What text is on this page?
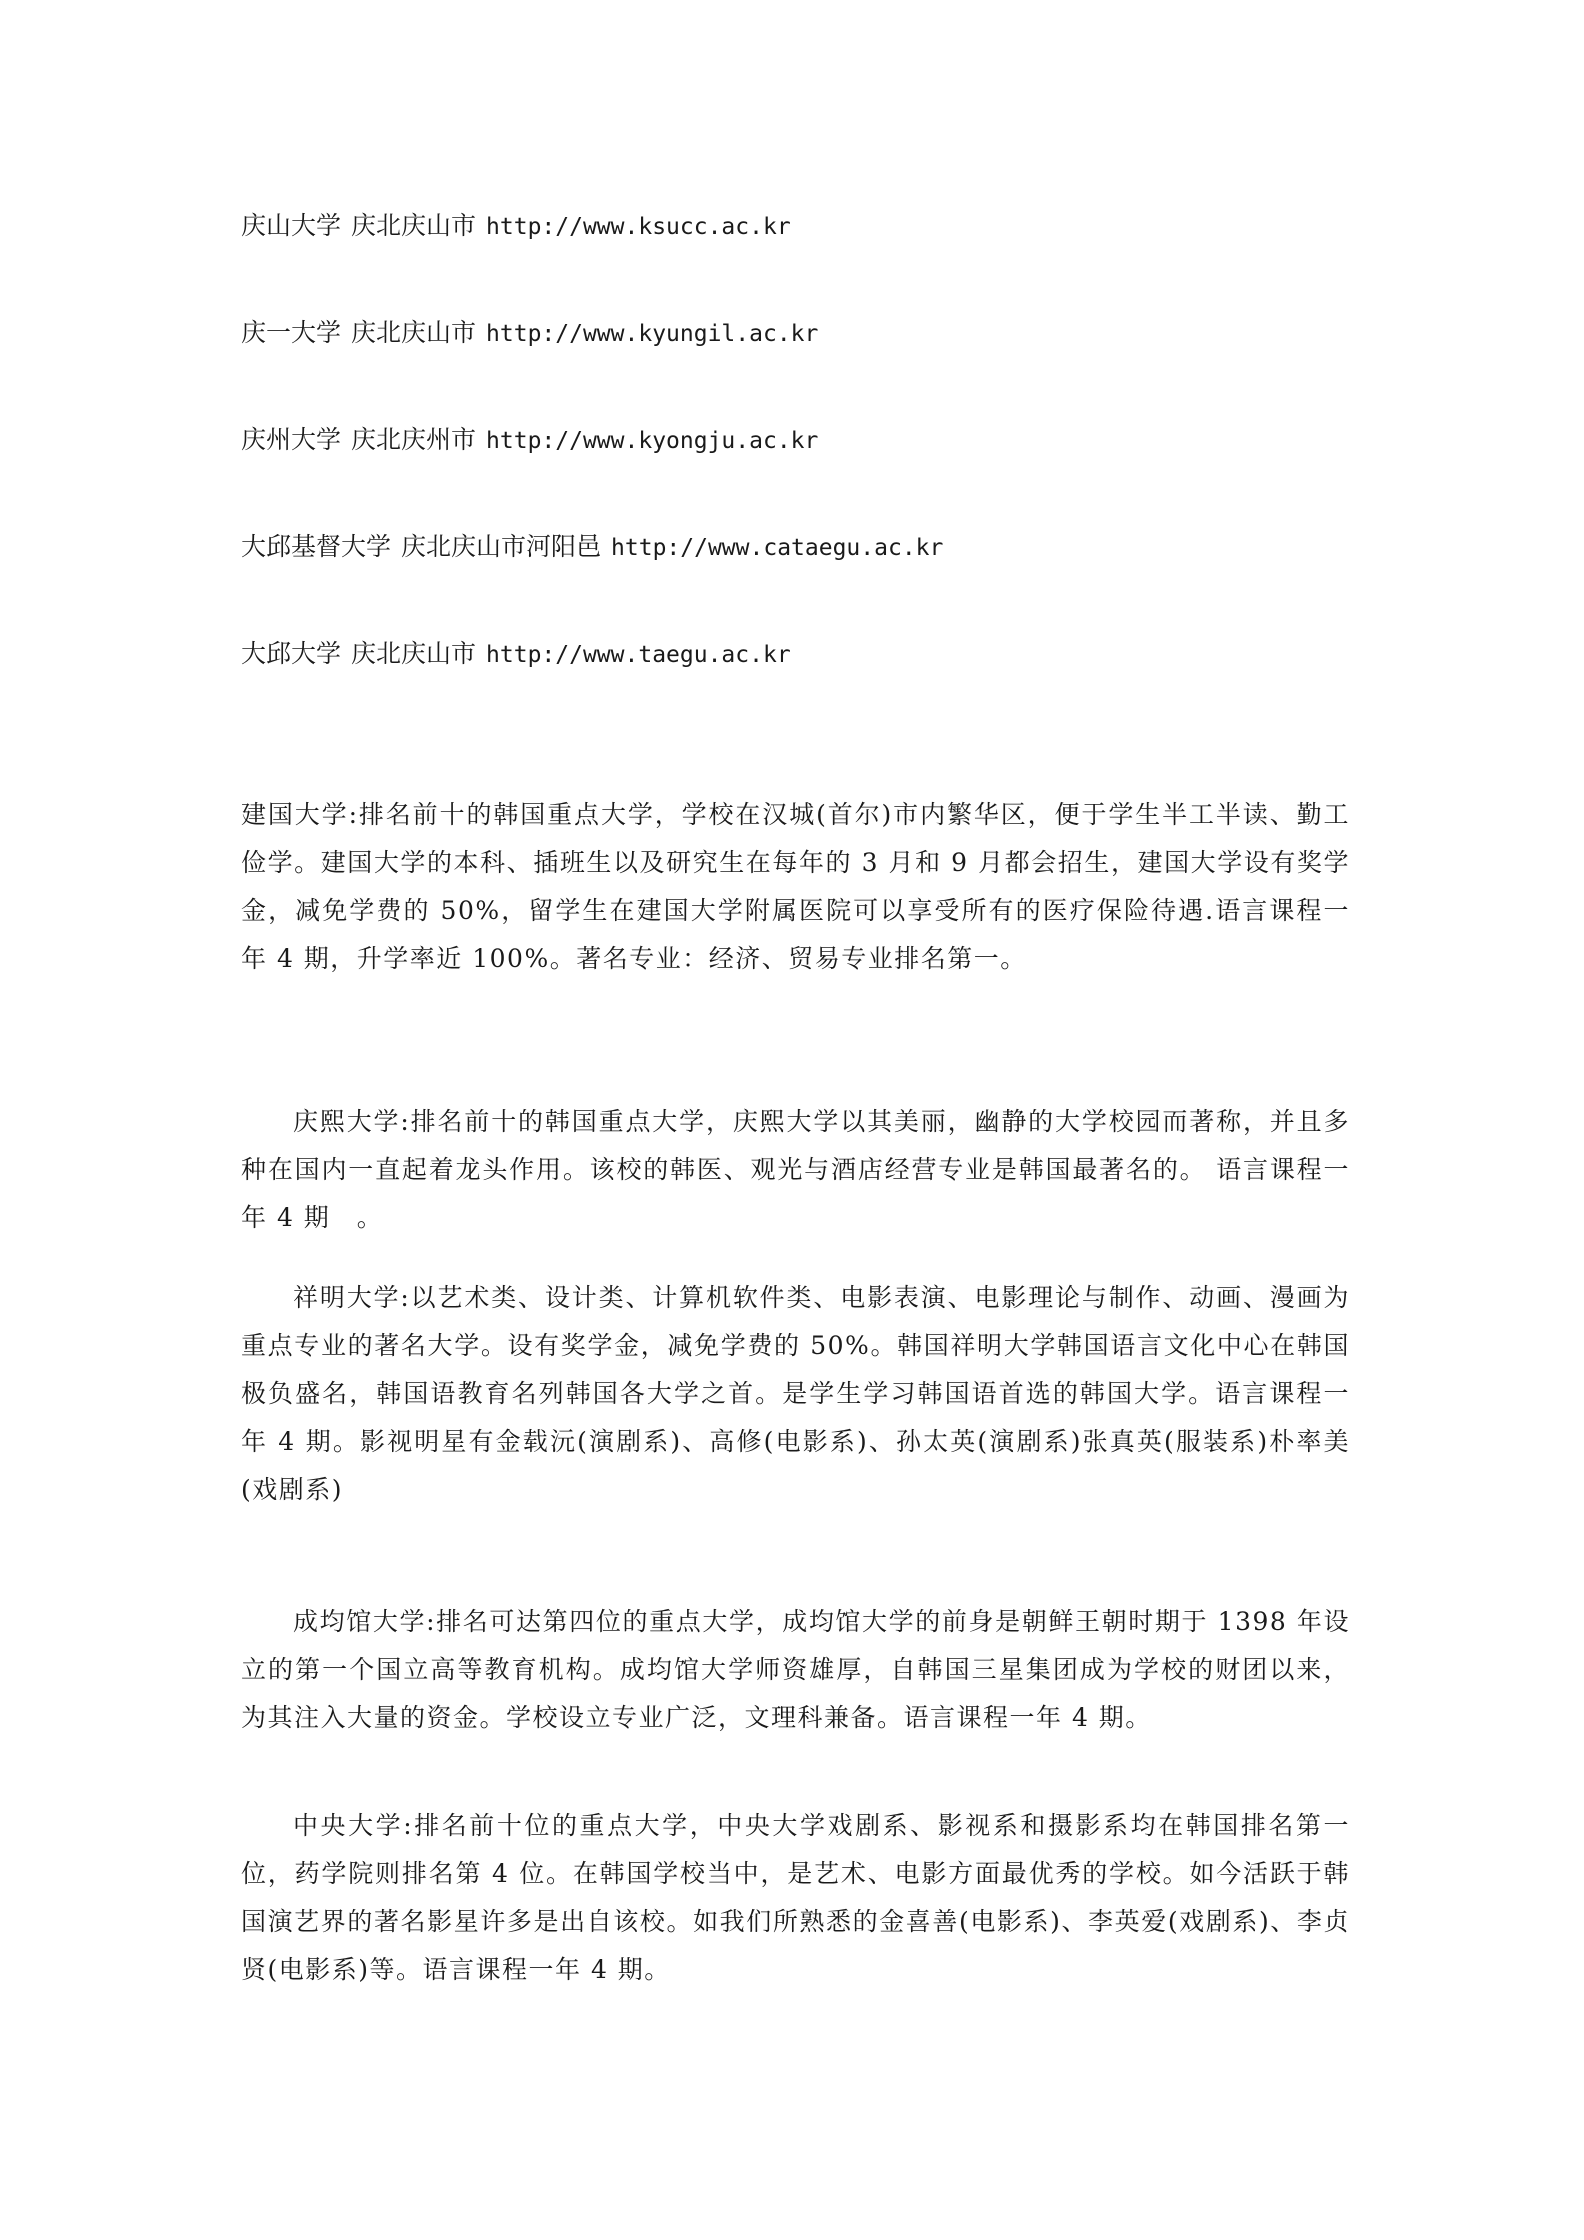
庆山大学 庆北庆山市 http://www.ksucc.ac.kr
庆一大学 庆北庆山市 http://www.kyungil.ac.kr
庆州大学 庆北庆州市 http://www.kyongju.ac.kr
大邱基督大学 庆北庆山市河阳邑 http://www.cataegu.ac.kr
大邱大学 庆北庆山市 http://www.taegu.ac.kr

建国大学:排名前十的韩国重点大学，学校在汉城(首尔)市内繁华区，便于学生半工半读、勤工俭学。建国大学的本科、插班生以及研究生在每年的 3 月和 9 月都会招生，建国大学设有奖学金，减免学费的 50%，留学生在建国大学附属医院可以享受所有的医疗保险待遇.语言课程一年 4 期，升学率近 100%。著名专业：经济、贸易专业排名第一。

庆熙大学:排名前十的韩国重点大学，庆熙大学以其美丽，幽静的大学校园而著称，并且多种在国内一直起着龙头作用。该校的韩医、观光与酒店经营专业是韩国最著名的。 语言课程一年 4 期　。

祥明大学:以艺术类、设计类、计算机软件类、电影表演、电影理论与制作、动画、漫画为重点专业的著名大学。设有奖学金，减免学费的 50%。韩国祥明大学韩国语言文化中心在韩国极负盛名，韩国语教育名列韩国各大学之首。是学生学习韩国语首选的韩国大学。语言课程一年 4 期。影视明星有金载沅(演剧系)、高修(电影系)、孙太英(演剧系)张真英(服装系)朴率美(戏剧系)

成均馆大学:排名可达第四位的重点大学，成均馆大学的前身是朝鲜王朝时期于 1398 年设立的第一个国立高等教育机构。成均馆大学师资雄厚，自韩国三星集团成为学校的财团以来，为其注入大量的资金。学校设立专业广泛，文理科兼备。语言课程一年 4 期。

中央大学:排名前十位的重点大学，中央大学戏剧系、影视系和摄影系均在韩国排名第一位，药学院则排名第 4 位。在韩国学校当中，是艺术、电影方面最优秀的学校。如今活跃于韩国演艺界的著名影星许多是出自该校。如我们所熟悉的金喜善(电影系)、李英爱(戏剧系)、李贞贤(电影系)等。语言课程一年 4 期。
